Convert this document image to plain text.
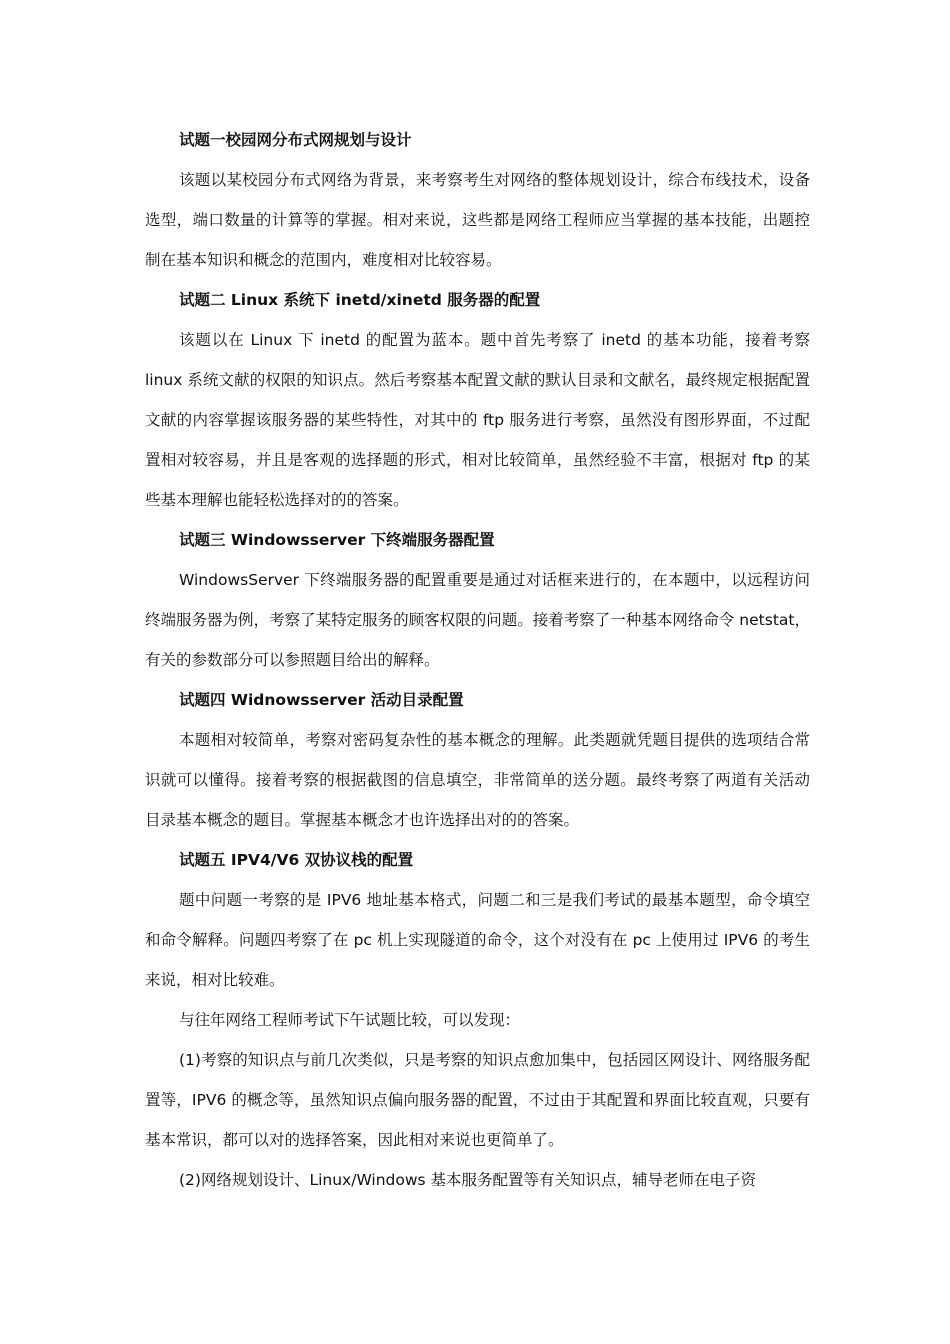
试题一校园网分布式网规划与设计

该题以某校园分布式网络为背景，来考察考生对网络的整体规划设计，综合布线技术，设备选型，端口数量的计算等的掌握。相对来说，这些都是网络工程师应当掌握的基本技能，出题控制在基本知识和概念的范围内，难度相对比较容易。

试题二 Linux 系统下 inetd/xinetd 服务器的配置

该题以在 Linux 下 inetd 的配置为蓝本。题中首先考察了 inetd 的基本功能，接着考察 linux 系统文献的权限的知识点。然后考察基本配置文献的默认目录和文献名，最终规定根据配置文献的内容掌握该服务器的某些特性，对其中的 ftp 服务进行考察，虽然没有图形界面，不过配置相对较容易，并且是客观的选择题的形式，相对比较简单，虽然经验不丰富，根据对 ftp 的某些基本理解也能轻松选择对的的答案。

试题三 Windowsserver 下终端服务器配置

WindowsServer 下终端服务器的配置重要是通过对话框来进行的，在本题中，以远程访问终端服务器为例，考察了某特定服务的顾客权限的问题。接着考察了一种基本网络命令 netstat，有关的参数部分可以参照题目给出的解释。

试题四 Widnowsserver 活动目录配置

本题相对较简单，考察对密码复杂性的基本概念的理解。此类题就凭题目提供的选项结合常识就可以懂得。接着考察的根据截图的信息填空，非常简单的送分题。最终考察了两道有关活动目录基本概念的题目。掌握基本概念才也许选择出对的的答案。

试题五 IPV4/V6 双协议栈的配置

题中问题一考察的是 IPV6 地址基本格式，问题二和三是我们考试的最基本题型，命令填空和命令解释。问题四考察了在 pc 机上实现隧道的命令，这个对没有在 pc 上使用过 IPV6 的考生来说，相对比较难。

与往年网络工程师考试下午试题比较，可以发现：

(1)考察的知识点与前几次类似，只是考察的知识点愈加集中，包括园区网设计、网络服务配置等，IPV6 的概念等，虽然知识点偏向服务器的配置，不过由于其配置和界面比较直观，只要有基本常识，都可以对的选择答案，因此相对来说也更简单了。

(2)网络规划设计、Linux/Windows 基本服务配置等有关知识点，辅导老师在电子资
